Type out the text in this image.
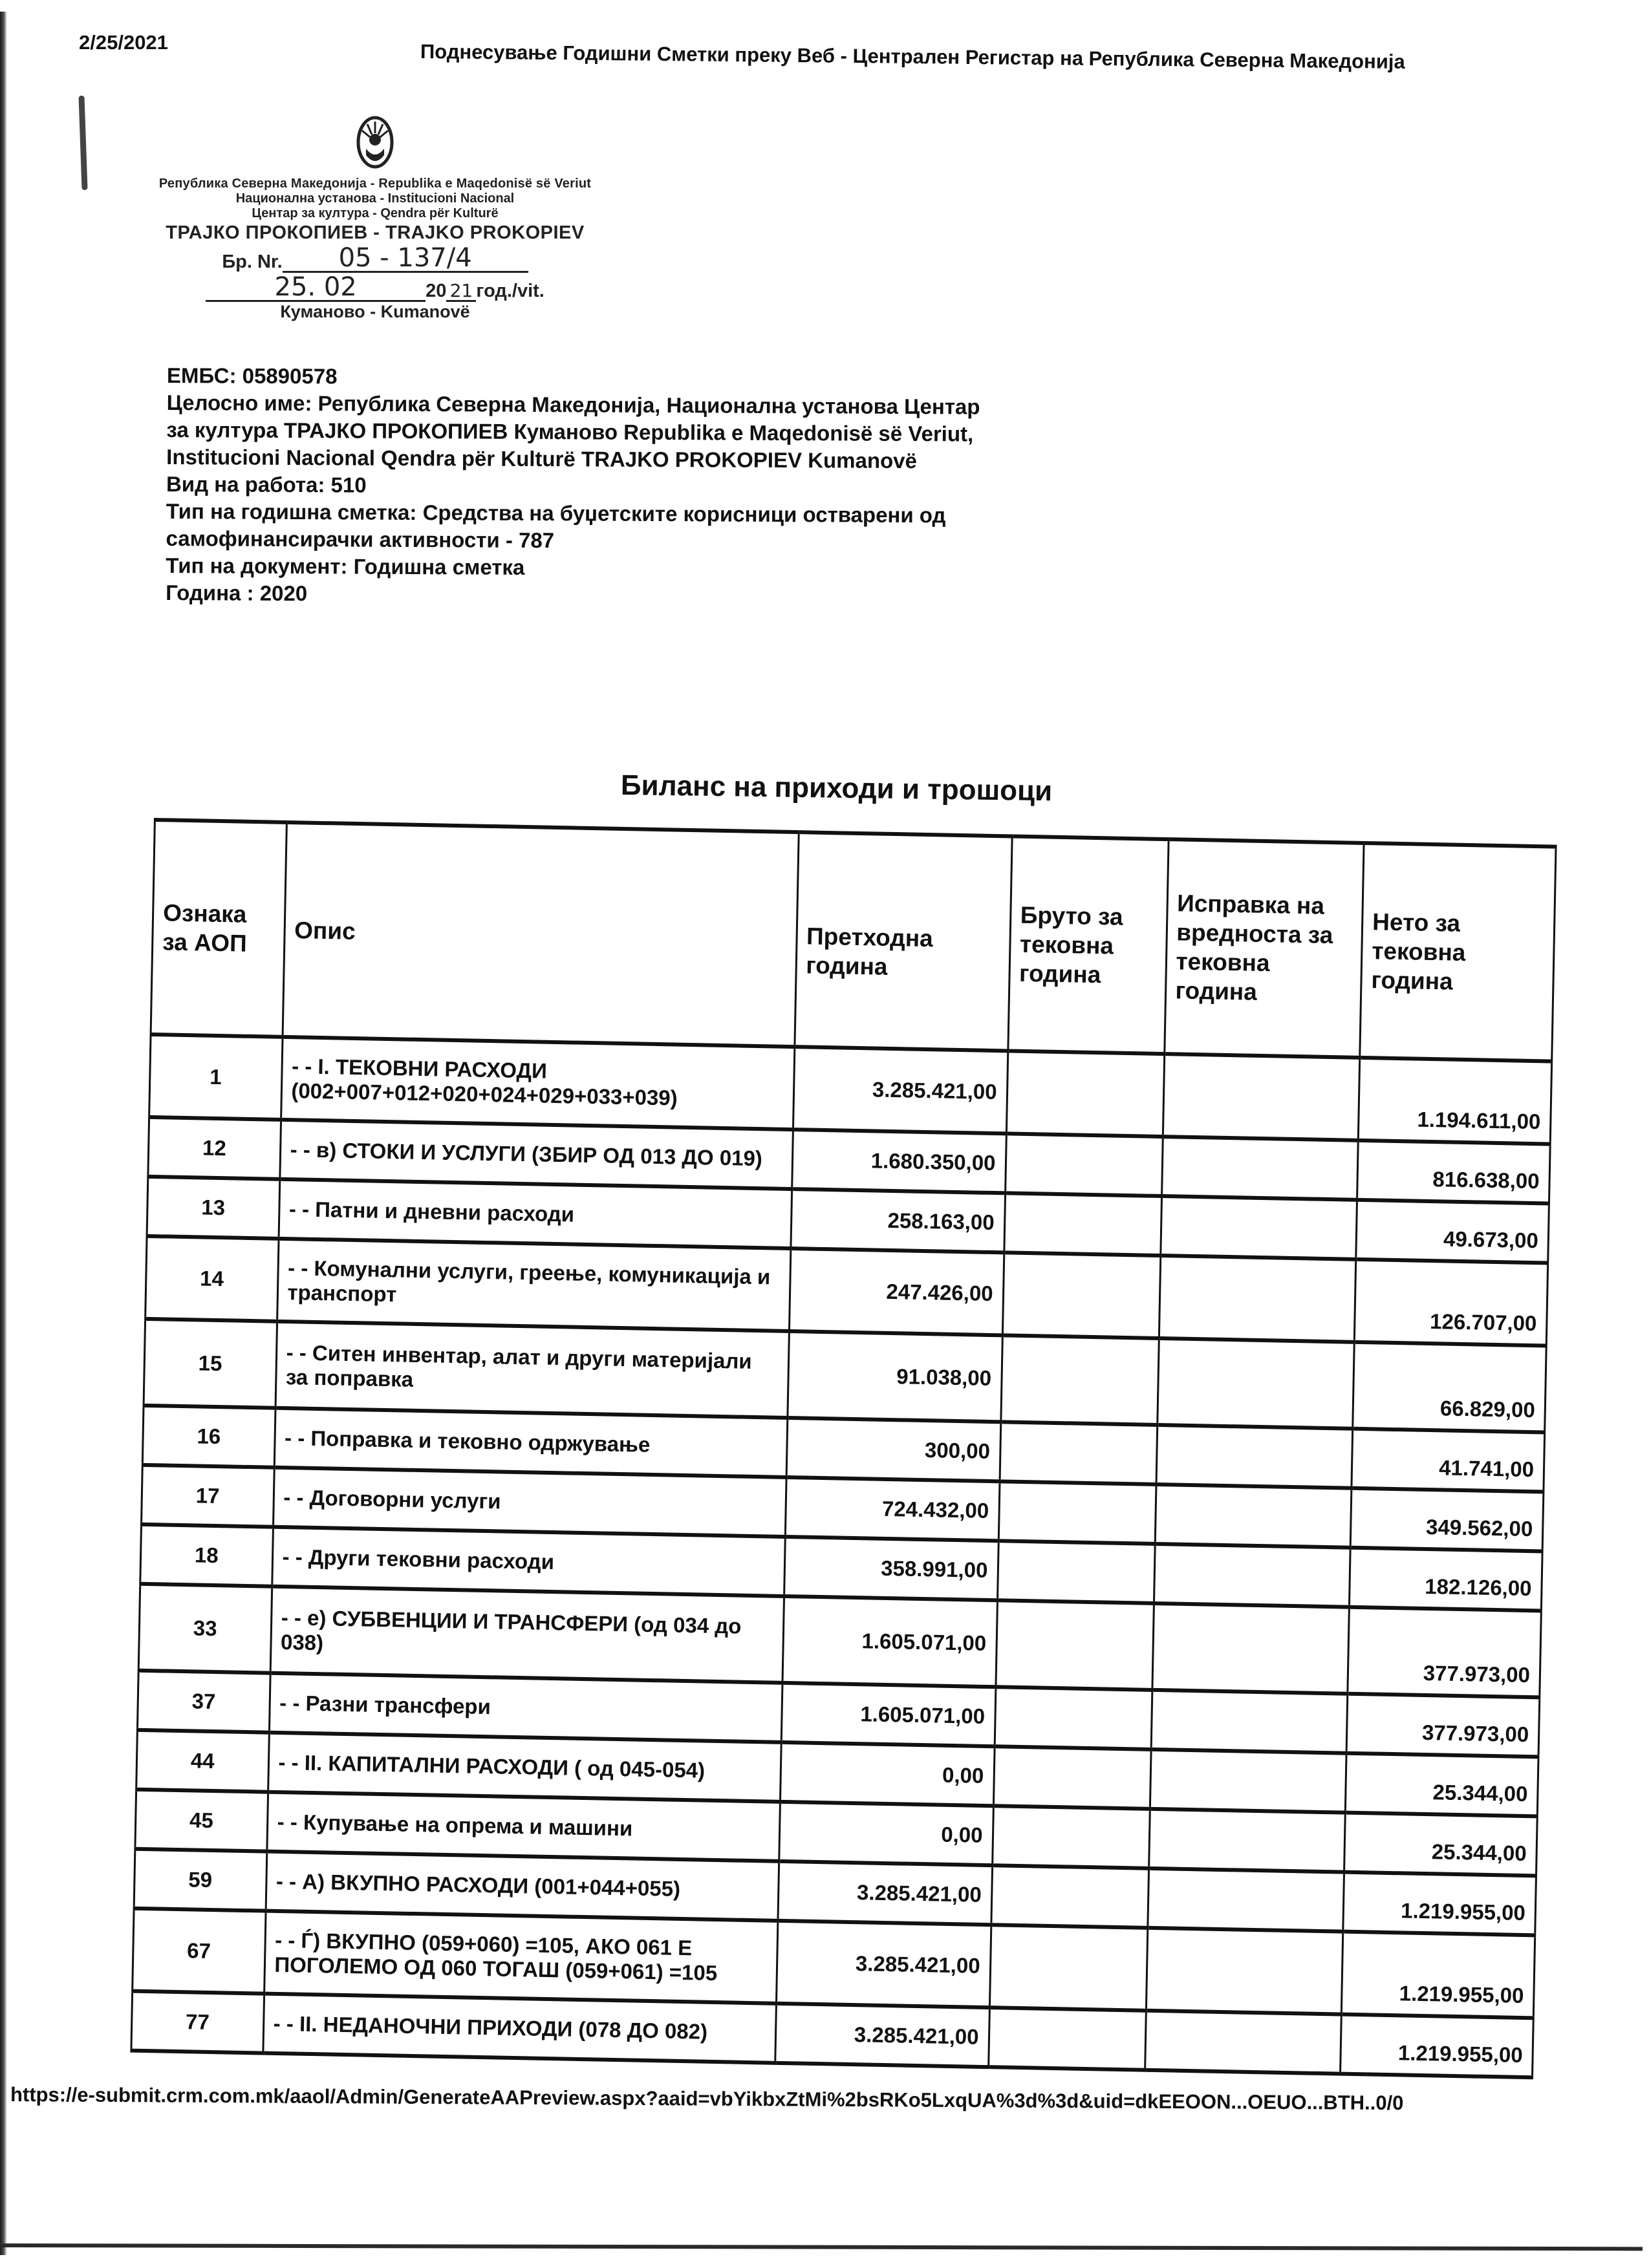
2/25/2021	Поднесување Годишни Сметки преку Веб - Централен Регистар на Република Северна Македонија
Република Северна Македонија - Republika e Maqedonisë së Veriut
Национална установа - Institucioni Nacional
Центар за култура - Qendra për Kulturë
ТРАЈКО ПРОКОПИЕВ - TRAJKO PROKOPIEV
Бр. Nr.	05 - 137/4
25. 02	20 21 год./vit.
Куманово - Kumanovë
ЕМБС: 05890578
Целосно име: Република Северна Македонија, Национална установа Центар за култура ТРАЈКО ПРОКОПИЕВ Куманово Republika e Maqedonisë së Veriut, Institucioni Nacional Qendra për Kulturë TRAJKO PROKOPIEV Kumanovë
Вид на работа: 510
Тип на годишна сметка: Средства на буџетските корисници остварени од самофинансирачки активности - 787
Тип на документ: Годишна сметка
Година : 2020
Биланс на приходи и трошоци
Ознака за АОП	Опис	Претходна година	Бруто за тековна година	Исправка на вредноста за тековна година	Нето за тековна година
1	- - I. ТЕКОВНИ РАСХОДИ (002+007+012+020+024+029+033+039)	3.285.421,00			1.194.611,00
12	- - в) СТОКИ И УСЛУГИ (ЗБИР ОД 013 ДО 019)	1.680.350,00			816.638,00
13	- - Патни и дневни расходи	258.163,00			49.673,00
14	- - Комунални услуги, греење, комуникација и транспорт	247.426,00			126.707,00
15	- - Ситен инвентар, алат и други материјали за поправка	91.038,00			66.829,00
16	- - Поправка и тековно одржување	300,00			41.741,00
17	- - Договорни услуги	724.432,00			349.562,00
18	- - Други тековни расходи	358.991,00			182.126,00
33	- - е) СУБВЕНЦИИ И ТРАНСФЕРИ (од 034 до 038)	1.605.071,00			377.973,00
37	- - Разни трансфери	1.605.071,00			377.973,00
44	- - II. КАПИТАЛНИ РАСХОДИ ( од 045-054)	0,00			25.344,00
45	- - Купување на опрема и машини	0,00			25.344,00
59	- - А) ВКУПНО РАСХОДИ (001+044+055)	3.285.421,00			1.219.955,00
67	- - Ѓ) ВКУПНО (059+060) =105, АКО 061 Е ПОГОЛЕМО ОД 060 ТОГАШ (059+061) =105	3.285.421,00			1.219.955,00
77	- - II. НЕДАНОЧНИ ПРИХОДИ (078 ДО 082)	3.285.421,00			1.219.955,00
https://e-submit.crm.com.mk/aaol/Admin/GenerateAAPreview.aspx?aaid=vbYikbxZtMi%2bsRKo5LxqUA%3d%3d&uid=dkEEOON...OEUO...BTH..0/0
